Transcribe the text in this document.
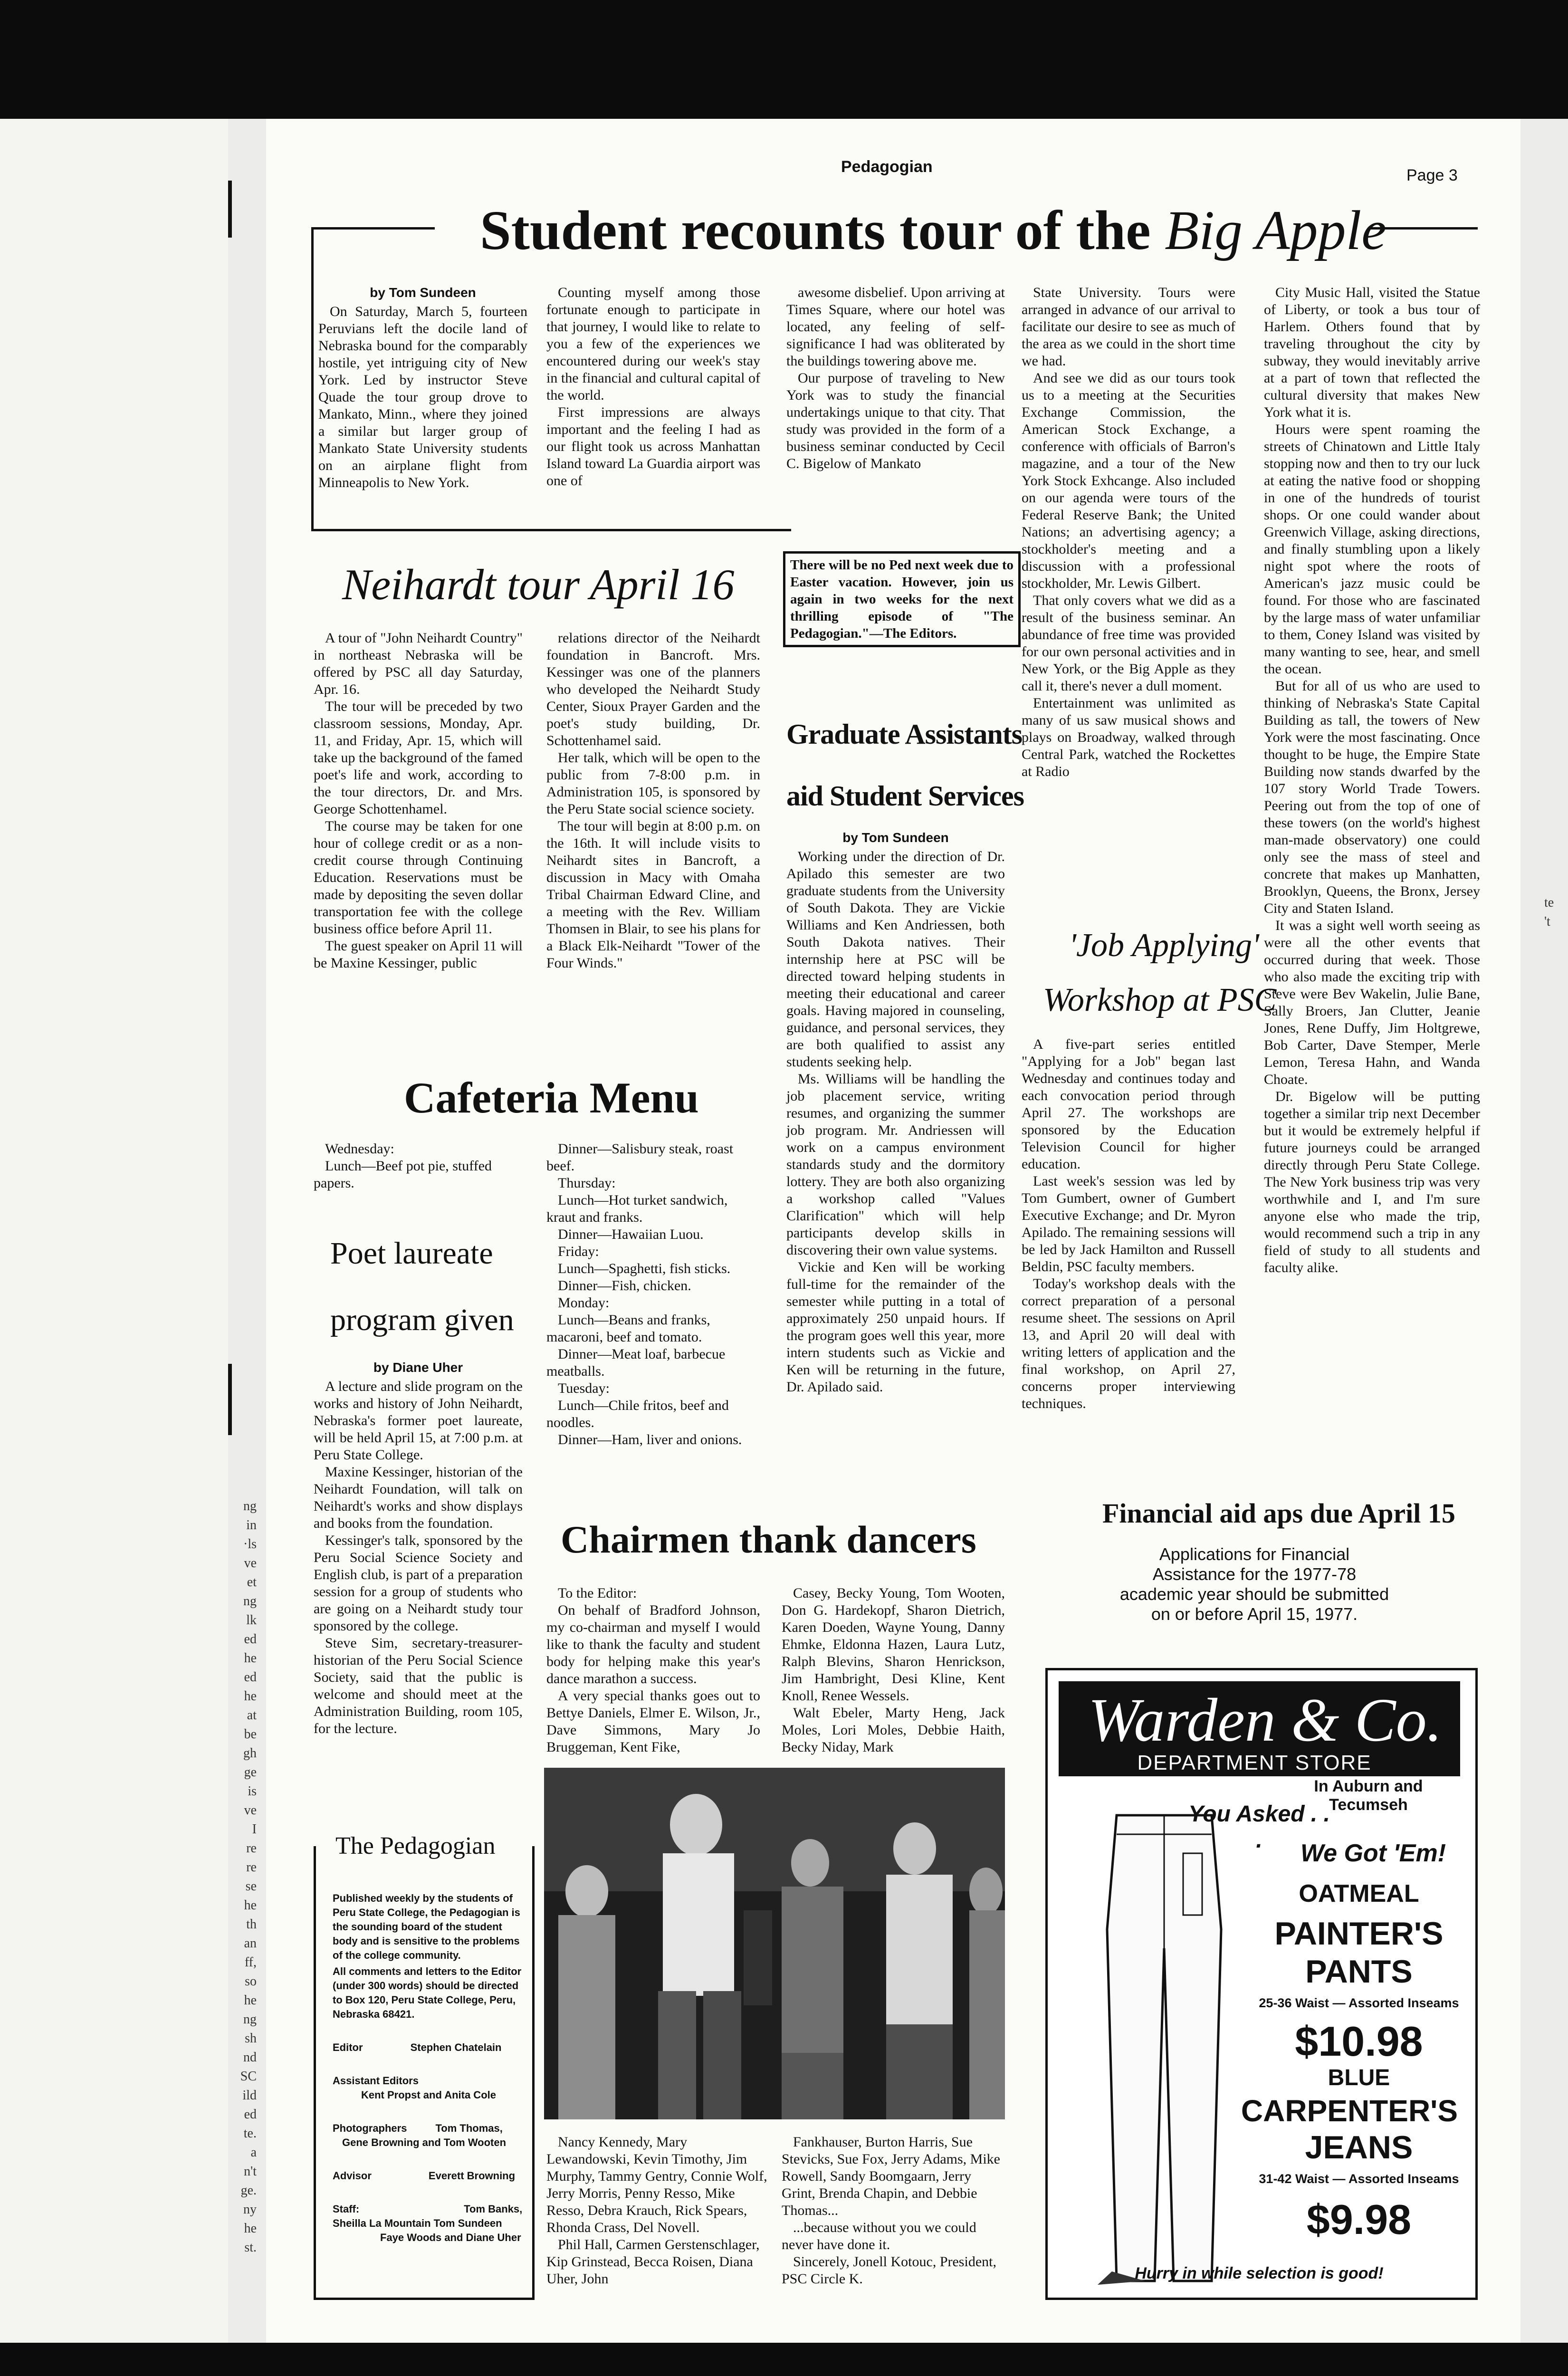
ng
in
·ls
ve
et
ng
lk
ed
he
ed
he
at
be
gh
ge
is
ve
I
re
re
se
he
th
an
ff,
so
he
ng
sh
nd
SC
ild
ed
te.
a
n't
ge.
ny
he
st.
te
't
Pedagogian	Page 3
Student recounts tour of the Big Apple
by Tom Sundeen

On Saturday, March 5, fourteen Peruvians left the docile land of Nebraska bound for the comparably hostile, yet intriguing city of New York. Led by instructor Steve Quade the tour group drove to Mankato, Minn., where they joined a similar but larger group of Mankato State University students on an airplane flight from Minneapolis to New York.

Counting myself among those fortunate enough to participate in that journey, I would like to relate to you a few of the experiences we encountered during our week's stay in the financial and cultural capital of the world.

First impressions are always important and the feeling I had as our flight took us across Manhattan Island toward La Guardia airport was one of

awesome disbelief. Upon arriving at Times Square, where our hotel was located, any feeling of self-significance I had was obliterated by the buildings towering above me.

Our purpose of traveling to New York was to study the financial undertakings unique to that city. That study was provided in the form of a business seminar conducted by Cecil C. Bigelow of Mankato

State University. Tours were arranged in advance of our arrival to facilitate our desire to see as much of the area as we could in the short time we had.

And see we did as our tours took us to a meeting at the Securities Exchange Commission, the American Stock Exchange, a conference with officials of Barron's magazine, and a tour of the New York Stock Exhcange. Also included on our agenda were tours of the Federal Reserve Bank; the United Nations; an advertising agency; a stockholder's meeting and a discussion with a professional stockholder, Mr. Lewis Gilbert.

That only covers what we did as a result of the business seminar. An abundance of free time was provided for our own personal activities and in New York, or the Big Apple as they call it, there's never a dull moment.

Entertainment was unlimited as many of us saw musical shows and plays on Broadway, walked through Central Park, watched the Rockettes at Radio

City Music Hall, visited the Statue of Liberty, or took a bus tour of Harlem. Others found that by traveling throughout the city by subway, they would inevitably arrive at a part of town that reflected the cultural diversity that makes New York what it is.

Hours were spent roaming the streets of Chinatown and Little Italy stopping now and then to try our luck at eating the native food or shopping in one of the hundreds of tourist shops. Or one could wander about Greenwich Village, asking directions, and finally stumbling upon a likely night spot where the roots of American's jazz music could be found. For those who are fascinated by the large mass of water unfamiliar to them, Coney Island was visited by many wanting to see, hear, and smell the ocean.

But for all of us who are used to thinking of Nebraska's State Capital Building as tall, the towers of New York were the most fascinating. Once thought to be huge, the Empire State Building now stands dwarfed by the 107 story World Trade Towers. Peering out from the top of one of these towers (on the world's highest man-made observatory) one could only see the mass of steel and concrete that makes up Manhatten, Brooklyn, Queens, the Bronx, Jersey City and Staten Island.

It was a sight well worth seeing as were all the other events that occurred during that week. Those who also made the exciting trip with Steve were Bev Wakelin, Julie Bane, Sally Broers, Jan Clutter, Jeanie Jones, Rene Duffy, Jim Holtgrewe, Bob Carter, Dave Stemper, Merle Lemon, Teresa Hahn, and Wanda Choate.

Dr. Bigelow will be putting together a similar trip next December but it would be extremely helpful if future journeys could be arranged directly through Peru State College. The New York business trip was very worthwhile and I, and I'm sure anyone else who made the trip, would recommend such a trip in any field of study to all students and faculty alike.

There will be no Ped next week due to Easter vacation. However, join us again in two weeks for the next thrilling episode of "The Pedagogian."—The Editors.
Neihardt tour April 16

A tour of "John Neihardt Country" in northeast Nebraska will be offered by PSC all day Saturday, Apr. 16.

The tour will be preceded by two classroom sessions, Monday, Apr. 11, and Friday, Apr. 15, which will take up the background of the famed poet's life and work, according to the tour directors, Dr. and Mrs. George Schottenhamel.

The course may be taken for one hour of college credit or as a non-credit course through Continuing Education. Reservations must be made by depositing the seven dollar transportation fee with the college business office before April 11.

The guest speaker on April 11 will be Maxine Kessinger, public

relations director of the Neihardt foundation in Bancroft. Mrs. Kessinger was one of the planners who developed the Neihardt Study Center, Sioux Prayer Garden and the poet's study building, Dr. Schottenhamel said.

Her talk, which will be open to the public from 7-8:00 p.m. in Administration 105, is sponsored by the Peru State social science society.

The tour will begin at 8:00 p.m. on the 16th. It will include visits to Neihardt sites in Bancroft, a discussion in Macy with Omaha Tribal Chairman Edward Cline, and a meeting with the Rev. William Thomsen in Blair, to see his plans for a Black Elk-Neihardt "Tower of the Four Winds."

Graduate Assistants
aid Student Services
by Tom Sundeen

Working under the direction of Dr. Apilado this semester are two graduate students from the University of South Dakota. They are Vickie Williams and Ken Andriessen, both South Dakota natives. Their internship here at PSC will be directed toward helping students in meeting their educational and career goals. Having majored in counseling, guidance, and personal services, they are both qualified to assist any students seeking help.

Ms. Williams will be handling the job placement service, writing resumes, and organizing the summer job program. Mr. Andriessen will work on a campus environment standards study and the dormitory lottery. They are both also organizing a workshop called "Values Clarification" which will help participants develop skills in discovering their own value systems.

Vickie and Ken will be working full-time for the remainder of the semester while putting in a total of approximately 250 unpaid hours. If the program goes well this year, more intern students such as Vickie and Ken will be returning in the future, Dr. Apilado said.

'Job Applying'
Workshop at PSC

A five-part series entitled "Applying for a Job" began last Wednesday and continues today and each convocation period through April 27. The workshops are sponsored by the Education Television Council for higher education.

Last week's session was led by Tom Gumbert, owner of Gumbert Executive Exchange; and Dr. Myron Apilado. The remaining sessions will be led by Jack Hamilton and Russell Beldin, PSC faculty members.

Today's workshop deals with the correct preparation of a personal resume sheet. The sessions on April 13, and April 20 will deal with writing letters of application and the final workshop, on April 27, concerns proper interviewing techniques.

Cafeteria Menu

Wednesday:

Lunch—Beef pot pie, stuffed papers.

Dinner—Salisbury steak, roast beef.

Thursday:

Lunch—Hot turket sandwich, kraut and franks.

Dinner—Hawaiian Luou.

Friday:

Lunch—Spaghetti, fish sticks.

Dinner—Fish, chicken.

Monday:

Lunch—Beans and franks, macaroni, beef and tomato.

Dinner—Meat loaf, barbecue meatballs.

Tuesday:

Lunch—Chile fritos, beef and noodles.

Dinner—Ham, liver and onions.

Poet laureate
program given
by Diane Uher

A lecture and slide program on the works and history of John Neihardt, Nebraska's former poet laureate, will be held April 15, at 7:00 p.m. at Peru State College.

Maxine Kessinger, historian of the Neihardt Foundation, will talk on Neihardt's works and show displays and books from the foundation.

Kessinger's talk, sponsored by the Peru Social Science Society and English club, is part of a preparation session for a group of students who are going on a Neihardt study tour sponsored by the college.

Steve Sim, secretary-treasurer-historian of the Peru Social Science Society, said that the public is welcome and should meet at the Administration Building, room 105, for the lecture.

The Pedagogian
Published weekly by the students of Peru State College, the Pedagogian is the sounding board of the student body and is sensitive to the problems of the college community.
All comments and letters to the Editor (under 300 words) should be directed to Box 120, Peru State College, Peru, Nebraska 68421.
Editor	Stephen Chatelain
Assistant Editors
Kent Propst and Anita Cole
Photographers	Tom Thomas,
Gene Browning and Tom Wooten
Advisor	Everett Browning
Staff:	Tom Banks,
Sheilla La Mountain Tom Sundeen
Faye Woods and Diane Uher
Chairmen thank dancers

To the Editor:

On behalf of Bradford Johnson, my co-chairman and myself I would like to thank the faculty and student body for helping make this year's dance marathon a success.

A very special thanks goes out to Bettye Daniels, Elmer E. Wilson, Jr., Dave Simmons, Mary Jo Bruggeman, Kent Fike,

Casey, Becky Young, Tom Wooten, Don G. Hardekopf, Sharon Dietrich, Karen Doeden, Wayne Young, Danny Ehmke, Eldonna Hazen, Laura Lutz, Ralph Blevins, Sharon Henrickson, Jim Hambright, Desi Kline, Kent Knoll, Renee Wessels.

Walt Ebeler, Marty Heng, Jack Moles, Lori Moles, Debbie Haith, Becky Niday, Mark

Nancy Kennedy, Mary Lewandowski, Kevin Timothy, Jim Murphy, Tammy Gentry, Connie Wolf, Jerry Morris, Penny Resso, Mike Resso, Debra Krauch, Rick Spears, Rhonda Crass, Del Novell.

Phil Hall, Carmen Gerstenschlager, Kip Grinstead, Becca Roisen, Diana Uher, John

Fankhauser, Burton Harris, Sue Stevicks, Sue Fox, Jerry Adams, Mike Rowell, Sandy Boomgaarn, Jerry Grint, Brenda Chapin, and Debbie Thomas...

...because without you we could never have done it.

Sincerely, Jonell Kotouc, President, PSC Circle K.

Financial aid aps due April 15
Applications for Financial Assistance for the 1977-78 academic year should be submitted on or before April 15, 1977.
Warden & Co.
DEPARTMENT STORE
In Auburn and Tecumseh
You Asked . . .	We Got 'Em!
OATMEAL
PAINTER'S
PANTS
25-36 Waist — Assorted Inseams
$10.98
BLUE
CARPENTER'S
JEANS
31-42 Waist — Assorted Inseams
$9.98
Hurry in while selection is good!
